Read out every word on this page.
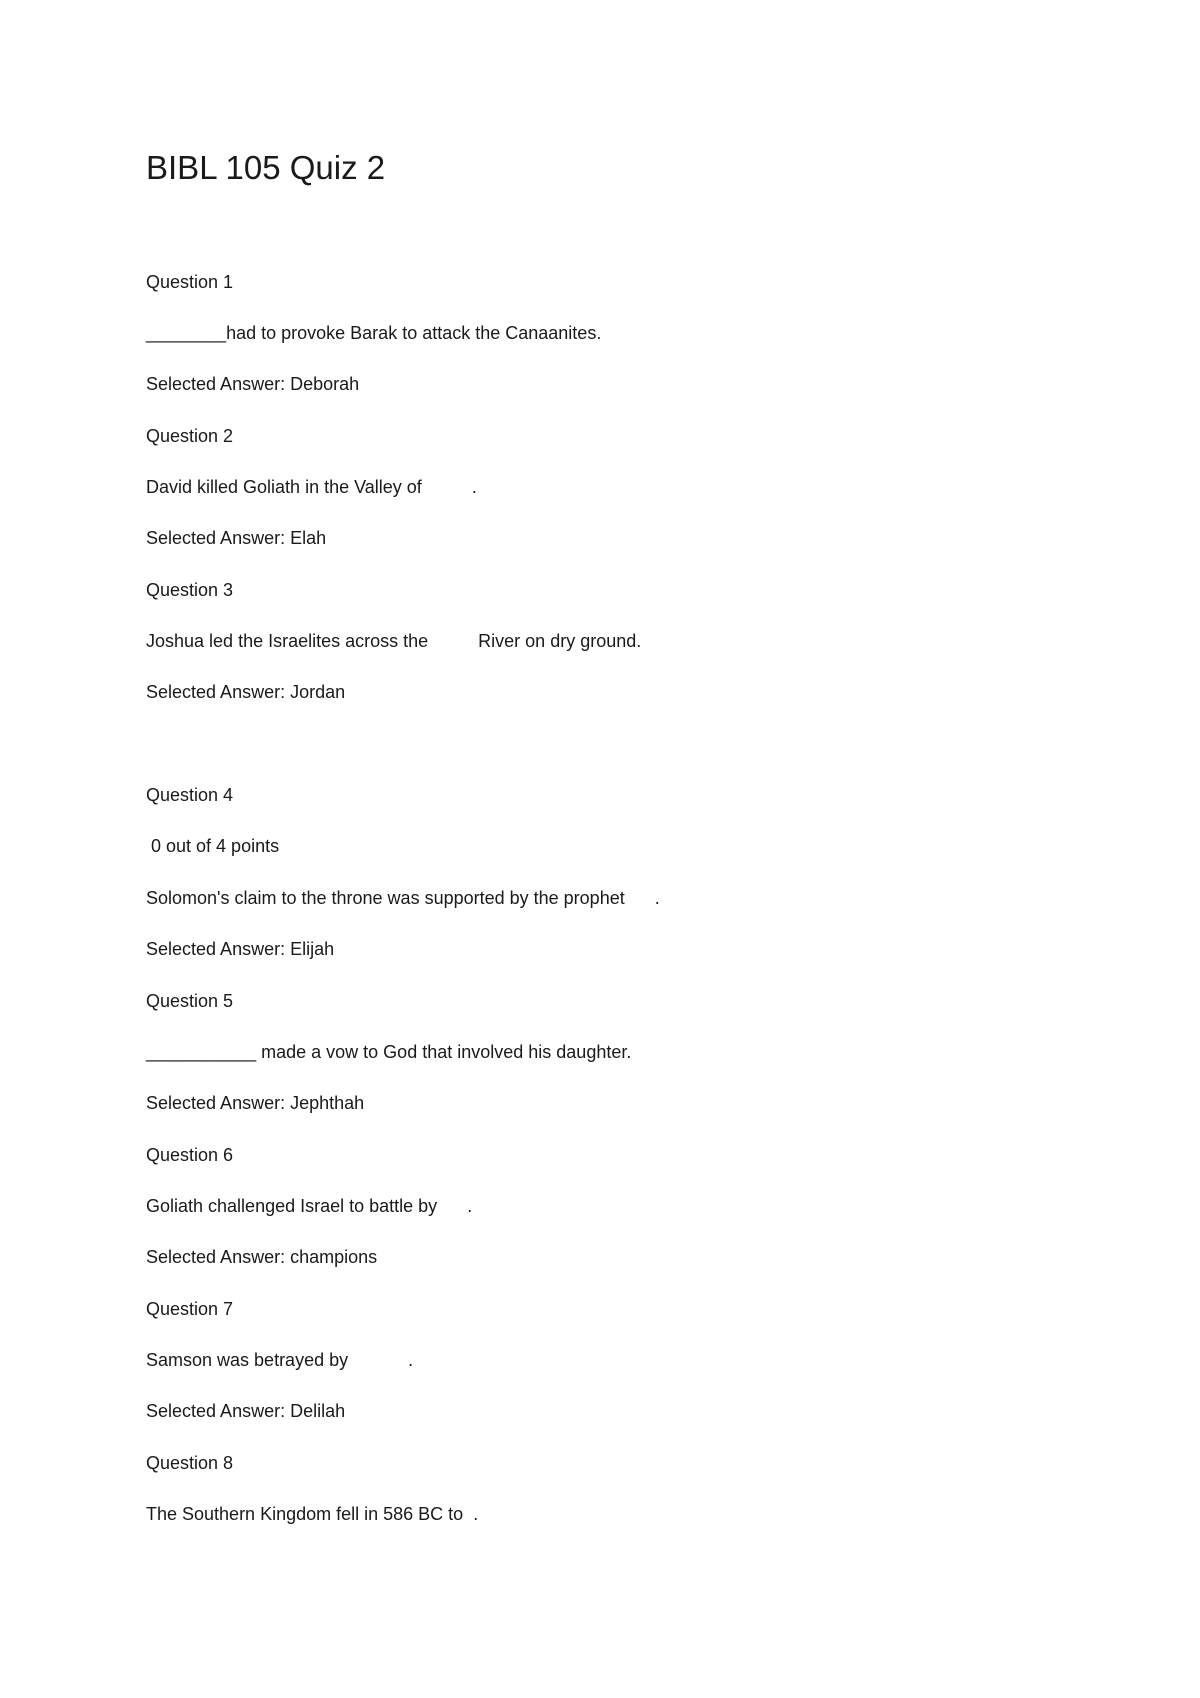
BIBL 105 Quiz 2
Question 1
________had to provoke Barak to attack the Canaanites.
Selected Answer: Deborah
Question 2
David killed Goliath in the Valley of          .
Selected Answer: Elah
Question 3
Joshua led the Israelites across the          River on dry ground.
Selected Answer: Jordan
Question 4
0 out of 4 points
Solomon's claim to the throne was supported by the prophet      .
Selected Answer: Elijah
Question 5
___________ made a vow to God that involved his daughter.
Selected Answer: Jephthah
Question 6
Goliath challenged Israel to battle by      .
Selected Answer: champions
Question 7
Samson was betrayed by            .
Selected Answer: Delilah
Question 8
The Southern Kingdom fell in 586 BC to  .
